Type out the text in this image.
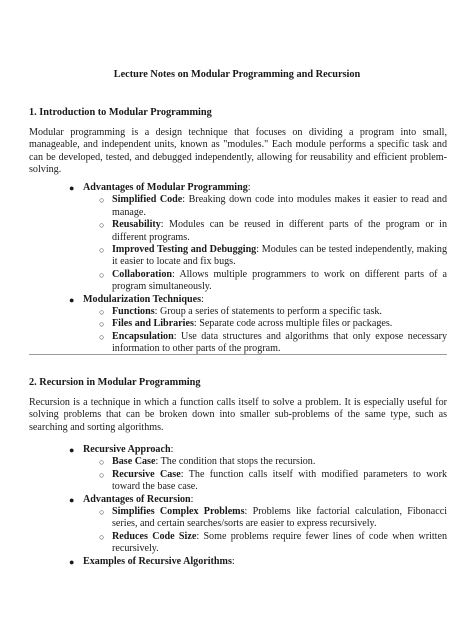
Lecture Notes on Modular Programming and Recursion
1. Introduction to Modular Programming
Modular programming is a design technique that focuses on dividing a program into small, manageable, and independent units, known as "modules." Each module performs a specific task and can be developed, tested, and debugged independently, allowing for reusability and efficient problem-solving.
● Advantages of Modular Programming:
○ Simplified Code: Breaking down code into modules makes it easier to read and manage.
○ Reusability: Modules can be reused in different parts of the program or in different programs.
○ Improved Testing and Debugging: Modules can be tested independently, making it easier to locate and fix bugs.
○ Collaboration: Allows multiple programmers to work on different parts of a program simultaneously.
● Modularization Techniques:
○ Functions: Group a series of statements to perform a specific task.
○ Files and Libraries: Separate code across multiple files or packages.
○ Encapsulation: Use data structures and algorithms that only expose necessary information to other parts of the program.
2. Recursion in Modular Programming
Recursion is a technique in which a function calls itself to solve a problem. It is especially useful for solving problems that can be broken down into smaller sub-problems of the same type, such as searching and sorting algorithms.
● Recursive Approach:
○ Base Case: The condition that stops the recursion.
○ Recursive Case: The function calls itself with modified parameters to work toward the base case.
● Advantages of Recursion:
○ Simplifies Complex Problems: Problems like factorial calculation, Fibonacci series, and certain searches/sorts are easier to express recursively.
○ Reduces Code Size: Some problems require fewer lines of code when written recursively.
● Examples of Recursive Algorithms:
